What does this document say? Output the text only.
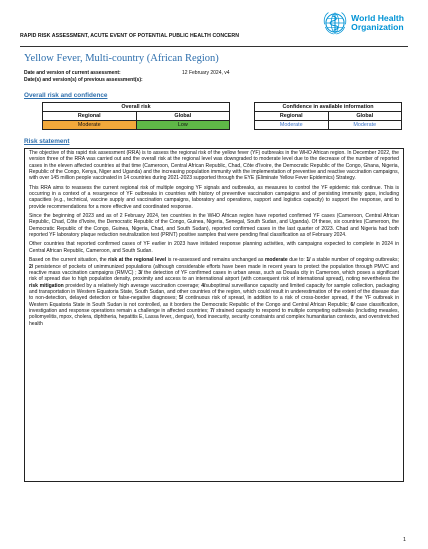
RAPID RISK ASSESSMENT, ACUTE EVENT OF POTENTIAL PUBLIC HEALTH CONCERN
World Health
Organization
Yellow Fever, Multi-country (African Region)
Date and version of current assessment:	12 February 2024, v4
Date(s) and version(s) of previous assessment(s):
Overall risk and confidence
Overall risk	
Regional	Global
Moderate	Low
Confidence in available information	
Regional	Global
Moderate	Moderate
Risk statement

The objective of this rapid risk assessment (RRA) is to assess the regional risk of the yellow fever (YF) outbreaks in the WHO African region. In December 2022, the version three of the RRA was carried out and the overall risk at the regional level was downgraded to moderate level due to the decrease of the number of reported cases in the eleven affected countries at that time (Cameroon, Central African Republic, Chad, Côte d'Ivoire, the Democratic Republic of the Congo, Ghana, Nigeria, Republic of the Congo, Kenya, Niger and Uganda) and the increasing population immunity with the implementation of preventive and reactive vaccination campaigns, with over 145 million people vaccinated in 14 countries during 2021-2023 supported through the EYE (Eliminate Yellow Fever Epidemics) Strategy.

This RRA aims to reassess the current regional risk of multiple ongoing YF signals and outbreaks, as measures to control the YF epidemic risk continue. This is occurring in a context of a resurgence of YF outbreaks in countries with history of preventive vaccination campaigns and of persisting immunity gaps, including capacities (e.g., technical, vaccine supply and vaccination campaigns, laboratory and operations, support and logistics capacity) to support the response, and to provide recommendations for a more effective and coordinated response.

Since the beginning of 2023 and as of 2 February 2024, ten countries in the WHO African region have reported confirmed YF cases (Cameroon, Central African Republic, Chad, Côte d'Ivoire, the Democratic Republic of the Congo, Guinea, Nigeria, Senegal, South Sudan, and Uganda). Of these, six countries (Cameroon, the Democratic Republic of the Congo, Guinea, Nigeria, Chad, and South Sudan), reported confirmed cases in the last quarter of 2023. Chad and Nigeria had both reported YF laboratory plaque reduction neutralization test (PRNT) positive samples that were pending final classification as of February 2024.

Other countries that reported confirmed cases of YF earlier in 2023 have initiated response planning activities, with campaigns expected to complete in 2024 in Central African Republic, Cameroon, and South Sudan.

Based on the current situation, the risk at the regional level is re-assessed and remains unchanged as moderate due to: 1/ a stable number of ongoing outbreaks; 2/ persistence of pockets of unimmunized populations (although considerable efforts have been made in recent years to protect the population through PMVC and reactive mass vaccination campaigns (RMVC) ; 3/ the detection of YF confirmed cases in urban areas, such as Douala city in Cameroon, which poses a significant risk of spread due to high population density, proximity and access to an international airport (with consequent risk of international spread), noting nevertheless the risk mitigation provided by a relatively high average vaccination coverage; 4/suboptimal surveillance capacity and limited capacity for sample collection, packaging and transportation in Western Equatoria State, South Sudan, and other countries of the region, which could result in underestimation of the extent of the disease due to non-detection, delayed detection or false-negative diagnoses; 5/ continuous risk of spread, in addition to a risk of cross-border spread, if the YF outbreak in Western Equatoria State in South Sudan is not controlled, as it borders the Democratic Republic of the Congo and Central African Republic; 6/ case classification, investigation and response operations remain a challenge in affected countries; 7/ strained capacity to respond to multiple competing outbreaks (including measles, poliomyelitis, mpox, cholera, diphtheria, hepatitis E, Lassa fever,, dengue), food insecurity, security constraints and complex humanitarian contexts, and overstretched health

1
